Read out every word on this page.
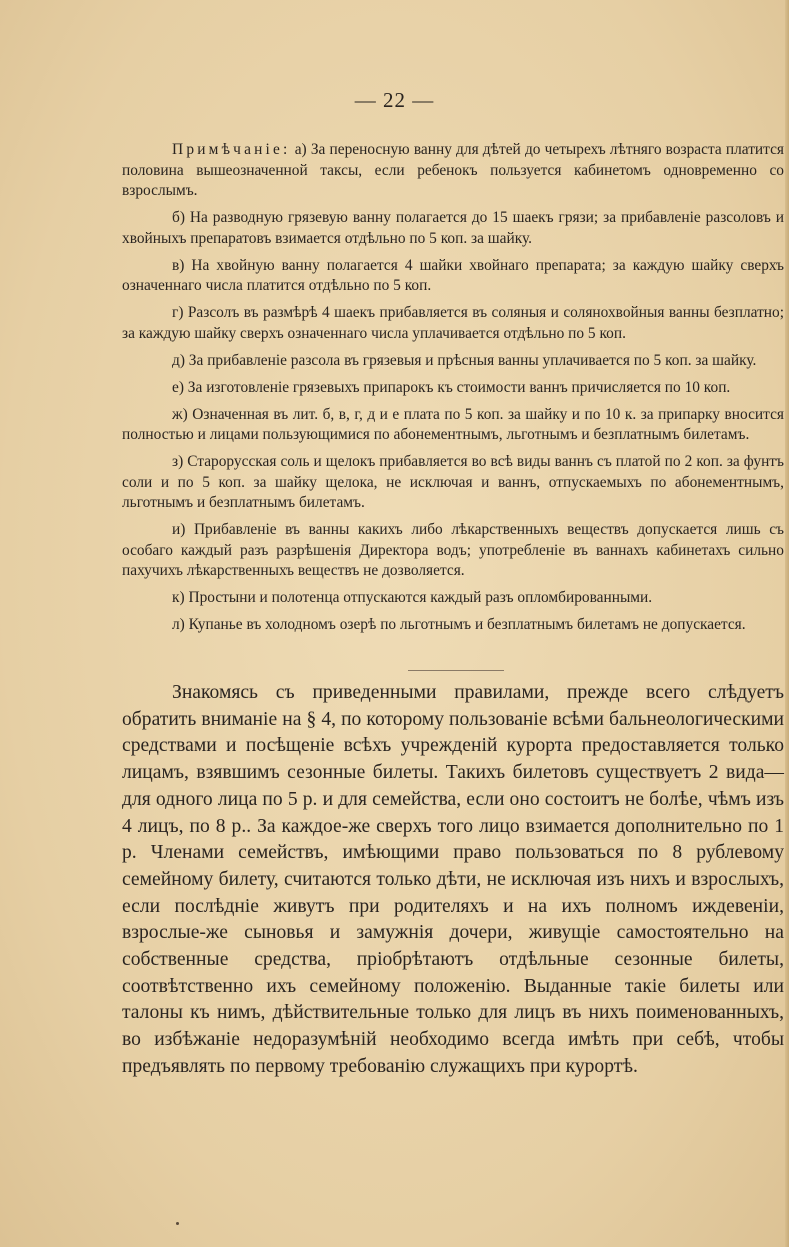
— 22 —

Примѣчаніе: а) За переносную ванну для дѣтей до четырехъ лѣтняго возраста платится половина вышеозначенной таксы, если ребенокъ пользуется кабинетомъ одновременно со взрослымъ.

б) На разводную грязевую ванну полагается до 15 шаекъ грязи; за прибавленіе разсоловъ и хвойныхъ препаратовъ взимается отдѣльно по 5 коп. за шайку.

в) На хвойную ванну полагается 4 шайки хвойнаго препарата; за каждую шайку сверхъ означеннаго числа платится отдѣльно по 5 коп.

г) Разсолъ въ размѣрѣ 4 шаекъ прибавляется въ соляныя и солянохвойныя ванны безплатно; за каждую шайку сверхъ означеннаго числа уплачивается отдѣльно по 5 коп.

д) За прибавленіе разсола въ грязевыя и прѣсныя ванны уплачивается по 5 коп. за шайку.

е) За изготовленіе грязевыхъ припарокъ къ стоимости ваннъ причисляется по 10 коп.

ж) Означенная въ лит. б, в, г, д и е плата по 5 коп. за шайку и по 10 к. за припарку вносится полностью и лицами пользующимися по абонементнымъ, льготнымъ и безплатнымъ билетамъ.

з) Старорусская соль и щелокъ прибавляется во всѣ виды ваннъ съ платой по 2 коп. за фунтъ соли и по 5 коп. за шайку щелока, не исключая и ваннъ, отпускаемыхъ по абонементнымъ, льготнымъ и безплатнымъ билетамъ.

и) Прибавленіе въ ванны какихъ либо лѣкарственныхъ веществъ допускается лишь съ особаго каждый разъ разрѣшенія Директора водъ; употребленіе въ ваннахъ кабинетахъ сильно пахучихъ лѣкарственныхъ веществъ не дозволяется.

к) Простыни и полотенца отпускаются каждый разъ опломбированными.

л) Купанье въ холодномъ озерѣ по льготнымъ и безплатнымъ билетамъ не допускается.

Знакомясь съ приведенными правилами, прежде всего слѣдуетъ обратить вниманіе на § 4, по которому пользованіе всѣми бальнеологическими средствами и посѣщеніе всѣхъ учрежденій курорта предоставляется только лицамъ, взявшимъ сезонные билеты. Такихъ билетовъ существуетъ 2 вида—для одного лица по 5 р. и для семейства, если оно состоитъ не болѣе, чѣмъ изъ 4 лицъ, по 8 р.. За каждое-же сверхъ того лицо взимается дополнительно по 1 р. Членами семействъ, имѣющими право пользоваться по 8 рублевому семейному билету, считаются только дѣти, не исключая изъ нихъ и взрослыхъ, если послѣдніе живутъ при родителяхъ и на ихъ полномъ иждевеніи, взрослые-же сыновья и замужнія дочери, живущіе самостоятельно на собственные средства, пріобрѣтаютъ отдѣльные сезонные билеты, соотвѣтственно ихъ семейному положенію. Выданные такіе билеты или талоны къ нимъ, дѣйствительные только для лицъ въ нихъ поименованныхъ, во избѣжаніе недоразумѣній необходимо всегда имѣть при себѣ, чтобы предъявлять по первому требованію служащихъ при курортѣ.
